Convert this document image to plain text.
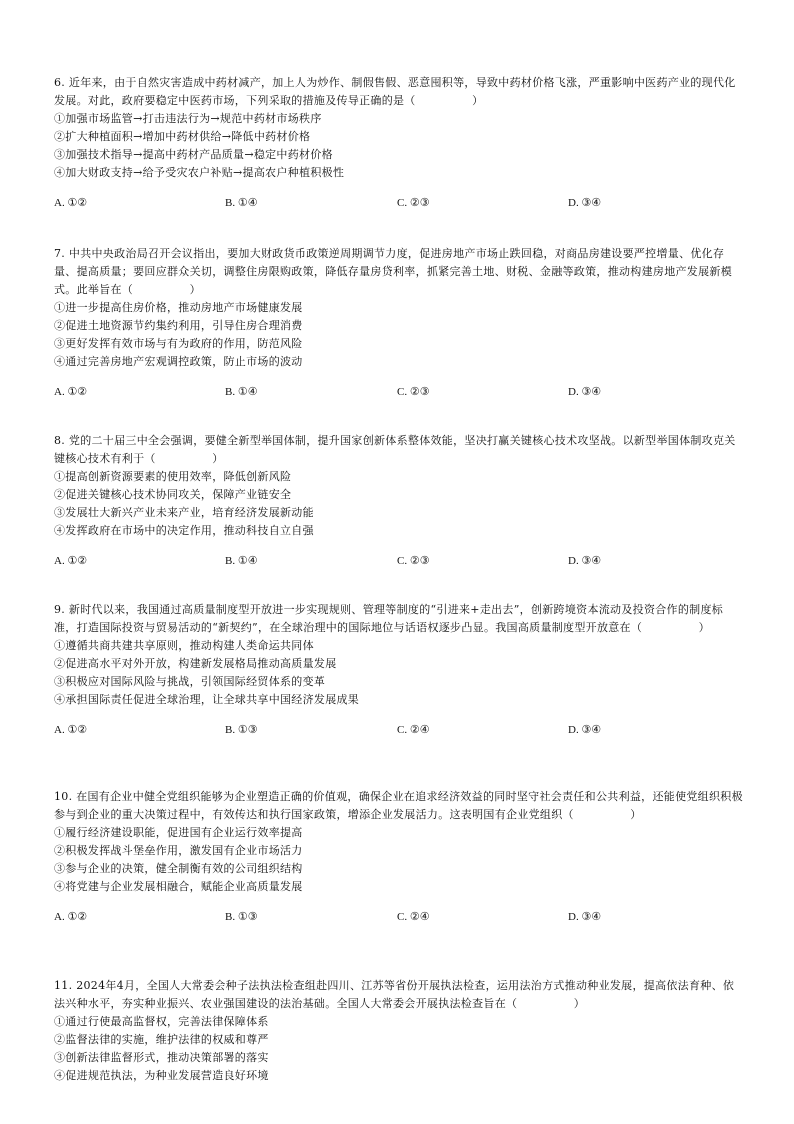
6. 近年来，由于自然灾害造成中药材减产，加上人为炒作、制假售假、恶意囤积等，导致中药材价格飞涨，严重影响中医药产业的现代化发展。对此，政府要稳定中医药市场，下列采取的措施及传导正确的是（　　　　　）

①加强市场监管→打击违法行为→规范中药材市场秩序

②扩大种植面积→增加中药材供给→降低中药材价格

③加强技术指导→提高中药材产品质量→稳定中药材价格

④加大财政支持→给予受灾农户补贴→提高农户种植积极性

A. ①②	B. ①④	C. ②③	D. ③④

7. 中共中央政治局召开会议指出，要加大财政货币政策逆周期调节力度，促进房地产市场止跌回稳，对商品房建设要严控增量、优化存量、提高质量；要回应群众关切，调整住房限购政策，降低存量房贷利率，抓紧完善土地、财税、金融等政策，推动构建房地产发展新模式。此举旨在（　　　　　）

①进一步提高住房价格，推动房地产市场健康发展

②促进土地资源节约集约利用，引导住房合理消费

③更好发挥有效市场与有为政府的作用，防范风险

④通过完善房地产宏观调控政策，防止市场的波动

A. ①②	B. ①④	C. ②③	D. ③④

8. 党的二十届三中全会强调，要健全新型举国体制，提升国家创新体系整体效能，坚决打赢关键核心技术攻坚战。以新型举国体制攻克关键核心技术有利于（　　　　　）

①提高创新资源要素的使用效率，降低创新风险

②促进关键核心技术协同攻关，保障产业链安全

③发展壮大新兴产业未来产业，培育经济发展新动能

④发挥政府在市场中的决定作用，推动科技自立自强

A. ①②	B. ①④	C. ②③	D. ③④

9. 新时代以来，我国通过高质量制度型开放进一步实现规则、管理等制度的“引进来+走出去”，创新跨境资本流动及投资合作的制度标准，打造国际投资与贸易活动的“新契约”，在全球治理中的国际地位与话语权逐步凸显。我国高质量制度型开放意在（　　　　　）

①遵循共商共建共享原则，推动构建人类命运共同体

②促进高水平对外开放，构建新发展格局推动高质量发展

③积极应对国际风险与挑战，引领国际经贸体系的变革

④承担国际责任促进全球治理，让全球共享中国经济发展成果

A. ①②	B. ①③	C. ②④	D. ③④

10. 在国有企业中健全党组织能够为企业塑造正确的价值观，确保企业在追求经济效益的同时坚守社会责任和公共利益，还能使党组织积极参与到企业的重大决策过程中，有效传达和执行国家政策，增添企业发展活力。这表明国有企业党组织（　　　　　）

①履行经济建设职能，促进国有企业运行效率提高

②积极发挥战斗堡垒作用，激发国有企业市场活力

③参与企业的决策，健全制衡有效的公司组织结构

④将党建与企业发展相融合，赋能企业高质量发展

A. ①②	B. ①③	C. ②④	D. ③④

11. 2024年4月，全国人大常委会种子法执法检查组赴四川、江苏等省份开展执法检查，运用法治方式推动种业发展，提高依法育种、依法兴种水平，夯实种业振兴、农业强国建设的法治基础。全国人大常委会开展执法检查旨在（　　　　　）

①通过行使最高监督权，完善法律保障体系

②监督法律的实施，维护法律的权威和尊严

③创新法律监督形式，推动决策部署的落实

④促进规范执法，为种业发展营造良好环境
